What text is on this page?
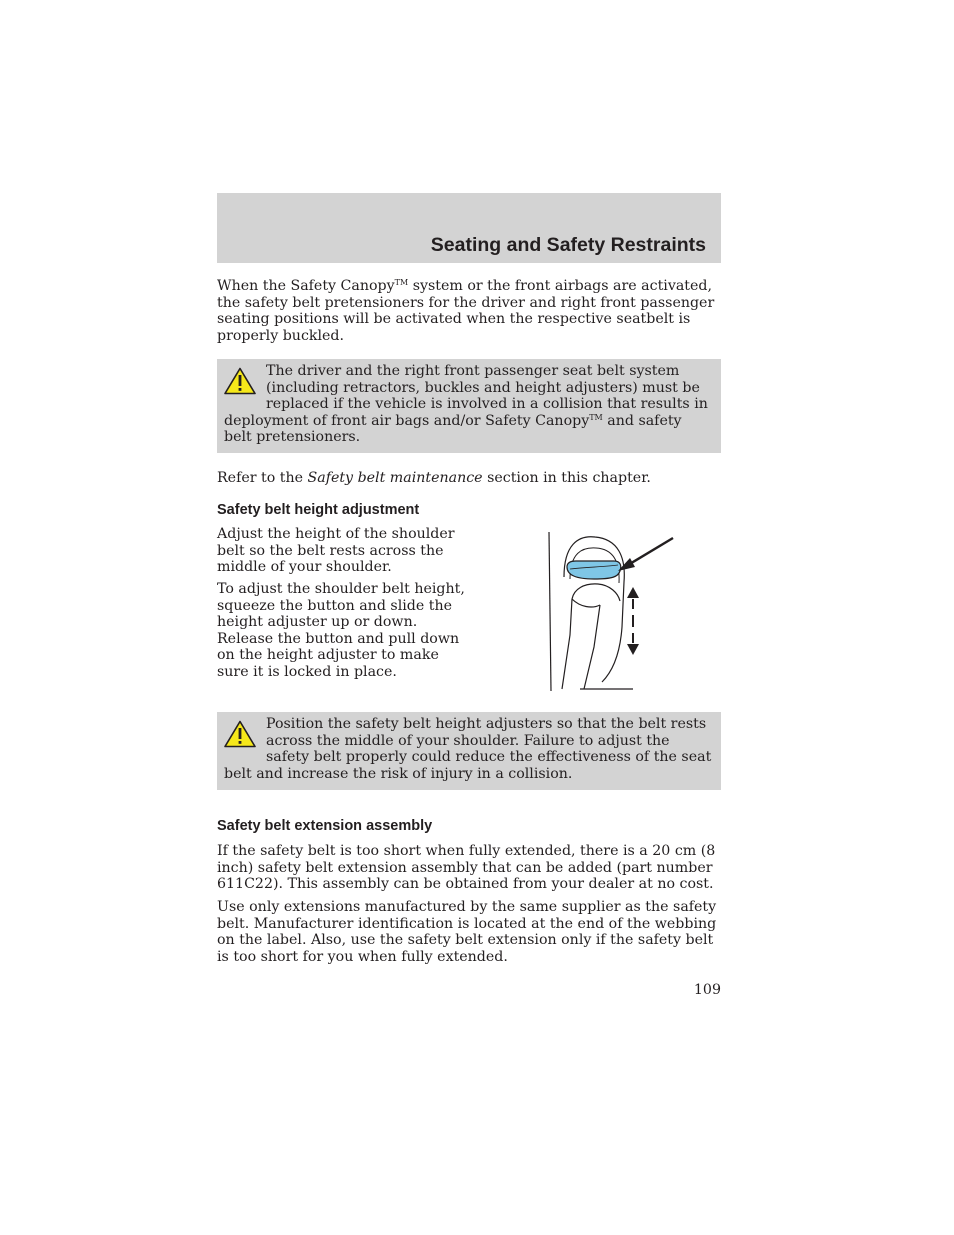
Seating and Safety Restraints

When the Safety Canopy™ system or the front airbags are activated, the safety belt pretensioners for the driver and right front passenger seating positions will be activated when the respective seatbelt is properly buckled.

The driver and the right front passenger seat belt system (including retractors, buckles and height adjusters) must be replaced if the vehicle is involved in a collision that results in deployment of front air bags and/or Safety Canopy™ and safety belt pretensioners.

Refer to the Safety belt maintenance section in this chapter.

Safety belt height adjustment

Adjust the height of the shoulder belt so the belt rests across the middle of your shoulder.

To adjust the shoulder belt height, squeeze the button and slide the height adjuster up or down. Release the button and pull down on the height adjuster to make sure it is locked in place.

Position the safety belt height adjusters so that the belt rests across the middle of your shoulder. Failure to adjust the safety belt properly could reduce the effectiveness of the seat belt and increase the risk of injury in a collision.

Safety belt extension assembly

If the safety belt is too short when fully extended, there is a 20 cm (8 inch) safety belt extension assembly that can be added (part number 611C22). This assembly can be obtained from your dealer at no cost.

Use only extensions manufactured by the same supplier as the safety belt. Manufacturer identification is located at the end of the webbing on the label. Also, use the safety belt extension only if the safety belt is too short for you when fully extended.

109
